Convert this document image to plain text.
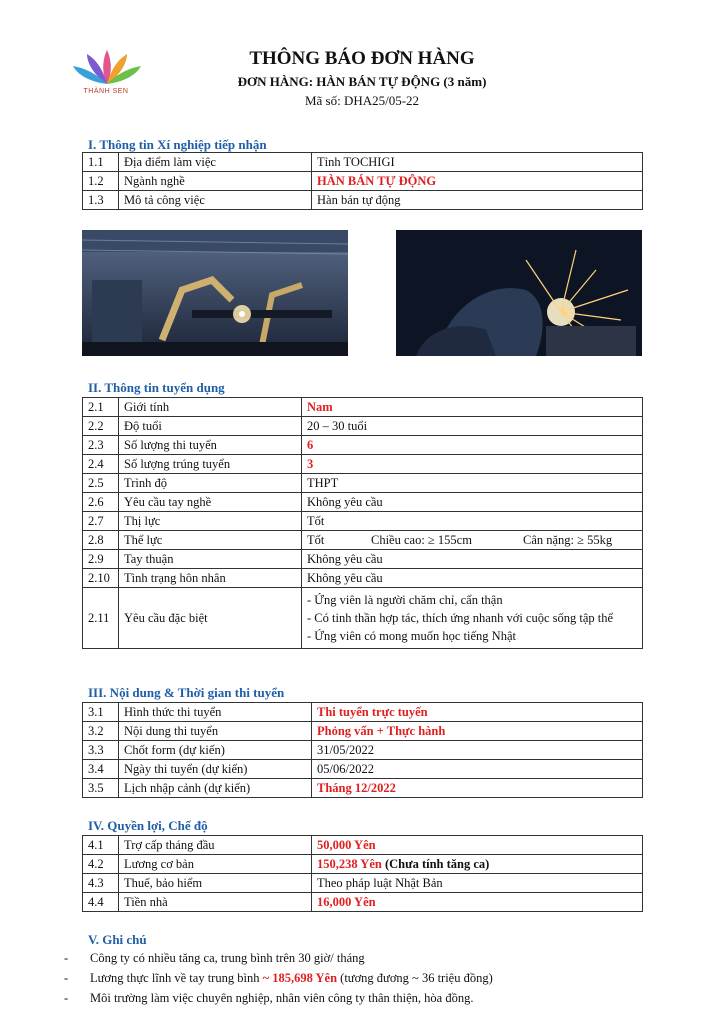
THÀNH SEN
THÔNG BÁO ĐƠN HÀNG
ĐƠN HÀNG: HÀN BÁN TỰ ĐỘNG (3 năm)
Mã số: DHA25/05-22
I. Thông tin Xí nghiệp tiếp nhận
1.1	Địa điểm làm việc	Tỉnh TOCHIGI
1.2	Ngành nghề	HÀN BÁN TỰ ĐỘNG
1.3	Mô tả công việc	Hàn bán tự động
II. Thông tin tuyển dụng
2.1	Giới tính	Nam
2.2	Độ tuổi	20 – 30 tuổi
2.3	Số lượng thi tuyển	6
2.4	Số lượng trúng tuyển	3
2.5	Trình độ	THPT
2.6	Yêu cầu tay nghề	Không yêu cầu
2.7	Thị lực	Tốt
2.8	Thể lực	Tốt Chiều cao: ≥ 155cm Cân nặng: ≥ 55kg
2.9	Tay thuận	Không yêu cầu
2.10	Tình trạng hôn nhân	Không yêu cầu
2.11	Yêu cầu đặc biệt	- Ứng viên là người chăm chỉ, cẩn thận
- Có tinh thần hợp tác, thích ứng nhanh với cuộc sống tập thể
- Ứng viên có mong muốn học tiếng Nhật
III. Nội dung & Thời gian thi tuyển
3.1	Hình thức thi tuyển	Thi tuyển trực tuyến
3.2	Nội dung thi tuyển	Phỏng vấn + Thực hành
3.3	Chốt form (dự kiến)	31/05/2022
3.4	Ngày thi tuyển (dự kiến)	05/06/2022
3.5	Lịch nhập cảnh (dự kiến)	Tháng 12/2022
IV. Quyền lợi, Chế độ
4.1	Trợ cấp tháng đầu	50,000 Yên
4.2	Lương cơ bản	150,238 Yên (Chưa tính tăng ca)
4.3	Thuế, bảo hiểm	Theo pháp luật Nhật Bản
4.4	Tiền nhà	16,000 Yên
V. Ghi chú
- Công ty có nhiều tăng ca, trung bình trên 30 giờ/ tháng
- Lương thực lĩnh về tay trung bình ~ 185,698 Yên (tương đương ~ 36 triệu đồng)
- Môi trường làm việc chuyên nghiệp, nhân viên công ty thân thiện, hòa đồng.
